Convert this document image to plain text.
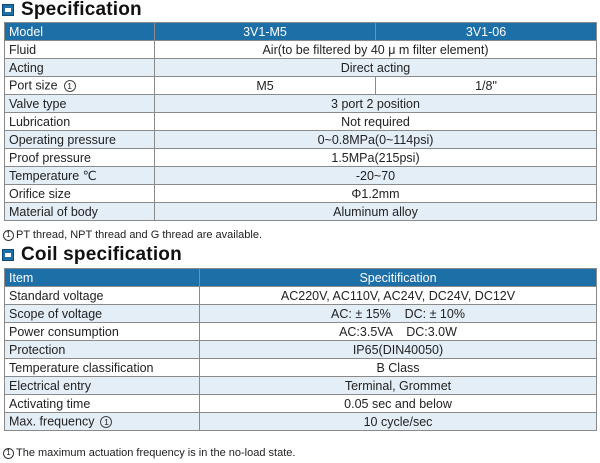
Specification
Model	3V1-M5	3V1-06
Fluid	Air(to be filtered by 40 μ m filter element)	
Acting	Direct acting	
Port size 1	M5	1/8"
Valve type	3 port 2 position	
Lubrication	Not required	
Operating pressure	0~0.8MPa(0~114psi)	
Proof pressure	1.5MPa(215psi)	
Temperature ℃	-20~70	
Orifice size	Φ1.2mm	
Material of body	Aluminum alloy	
1 PT thread, NPT thread and G thread are available.
Coil specification
Item	Specitification
Standard voltage	AC220V, AC110V, AC24V, DC24V, DC12V
Scope of voltage	AC: ± 15%    DC: ± 10%
Power consumption	AC:3.5VA    DC:3.0W
Protection	IP65(DIN40050)
Temperature classification	B Class
Electrical entry	Terminal, Grommet
Activating time	0.05 sec and below
Max. frequency 1	10 cycle/sec
1 The maximum actuation frequency is in the no-load state.
